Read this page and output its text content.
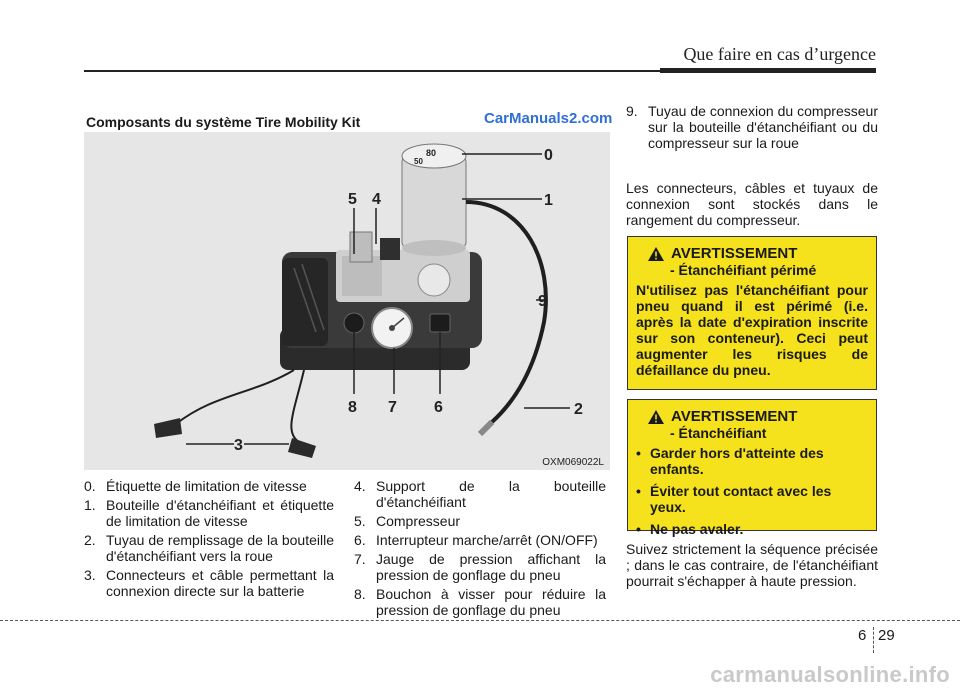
Que faire en cas d’urgence
Composants du système Tire Mobility Kit	CarManuals2.com
80
50	0
1
5 4
9
8 7 6	2
3
OXM069022L
0. Étiquette de limitation de vitesse
1. Bouteille d'étanchéifiant et étiquette de limitation de vitesse
2. Tuyau de remplissage de la bouteille d'étanchéifiant vers la roue
3. Connecteurs et câble permettant la connexion directe sur la batterie
4. Support de la bouteille d'étanchéifiant
5. Compresseur
6. Interrupteur marche/arrêt (ON/OFF)
7. Jauge de pression affichant la pression de gonflage du pneu
8. Bouchon à visser pour réduire la pression de gonflage du pneu
9. Tuyau de connexion du compresseur sur la bouteille d'étanchéifiant ou du compresseur sur la roue
Les connecteurs, câbles et tuyaux de connexion sont stockés dans le rangement du compresseur.
AVERTISSEMENT
- Étanchéifiant périmé
N'utilisez pas l'étanchéifiant pour pneu quand il est périmé (i.e. après la date d'expiration inscrite sur son conteneur). Ceci peut augmenter les risques de défaillance du pneu.
AVERTISSEMENT
- Étanchéifiant
• Garder hors d'atteinte des enfants.
• Éviter tout contact avec les yeux.
• Ne pas avaler.
Suivez strictement la séquence précisée ; dans le cas contraire, de l'étanchéifiant pourrait s'échapper à haute pression.
6 29
carmanualsonline.info
